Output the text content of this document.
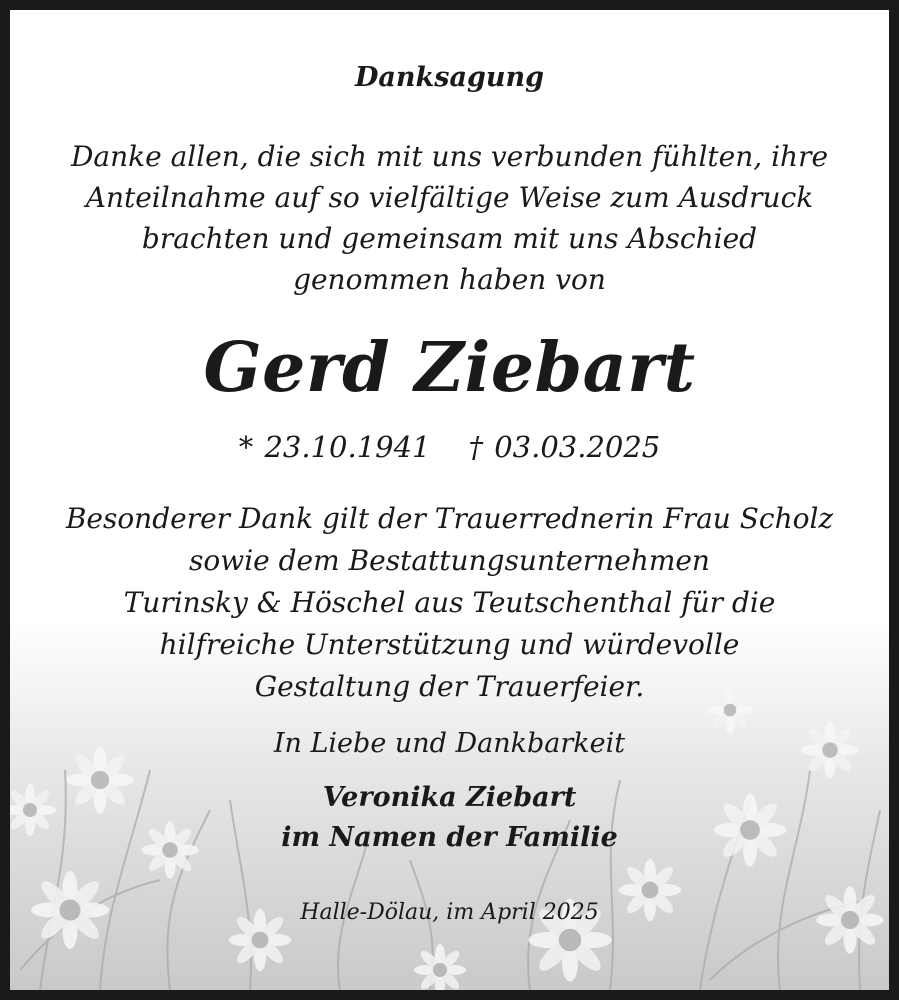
Danksagung
Danke allen, die sich mit uns verbunden fühlten, ihre
Anteilnahme auf so vielfältige Weise zum Ausdruck
brachten und gemeinsam mit uns Abschied
genommen haben von
Gerd Ziebart
* 23.10.1941 † 03.03.2025
Besonderer Dank gilt der Trauerrednerin Frau Scholz
sowie dem Bestattungsunternehmen
Turinsky & Höschel aus Teutschenthal für die
hilfreiche Unterstützung und würdevolle
Gestaltung der Trauerfeier.
In Liebe und Dankbarkeit
Veronika Ziebart
im Namen der Familie
Halle-Dölau, im April 2025
